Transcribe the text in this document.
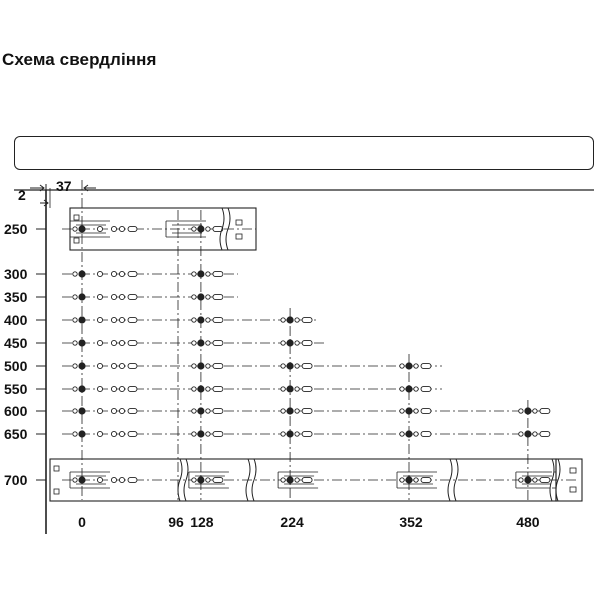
Схема свердління
250
300
350
400
450
500
550
600
650
700
0	96 128	224	352	480
2
37
